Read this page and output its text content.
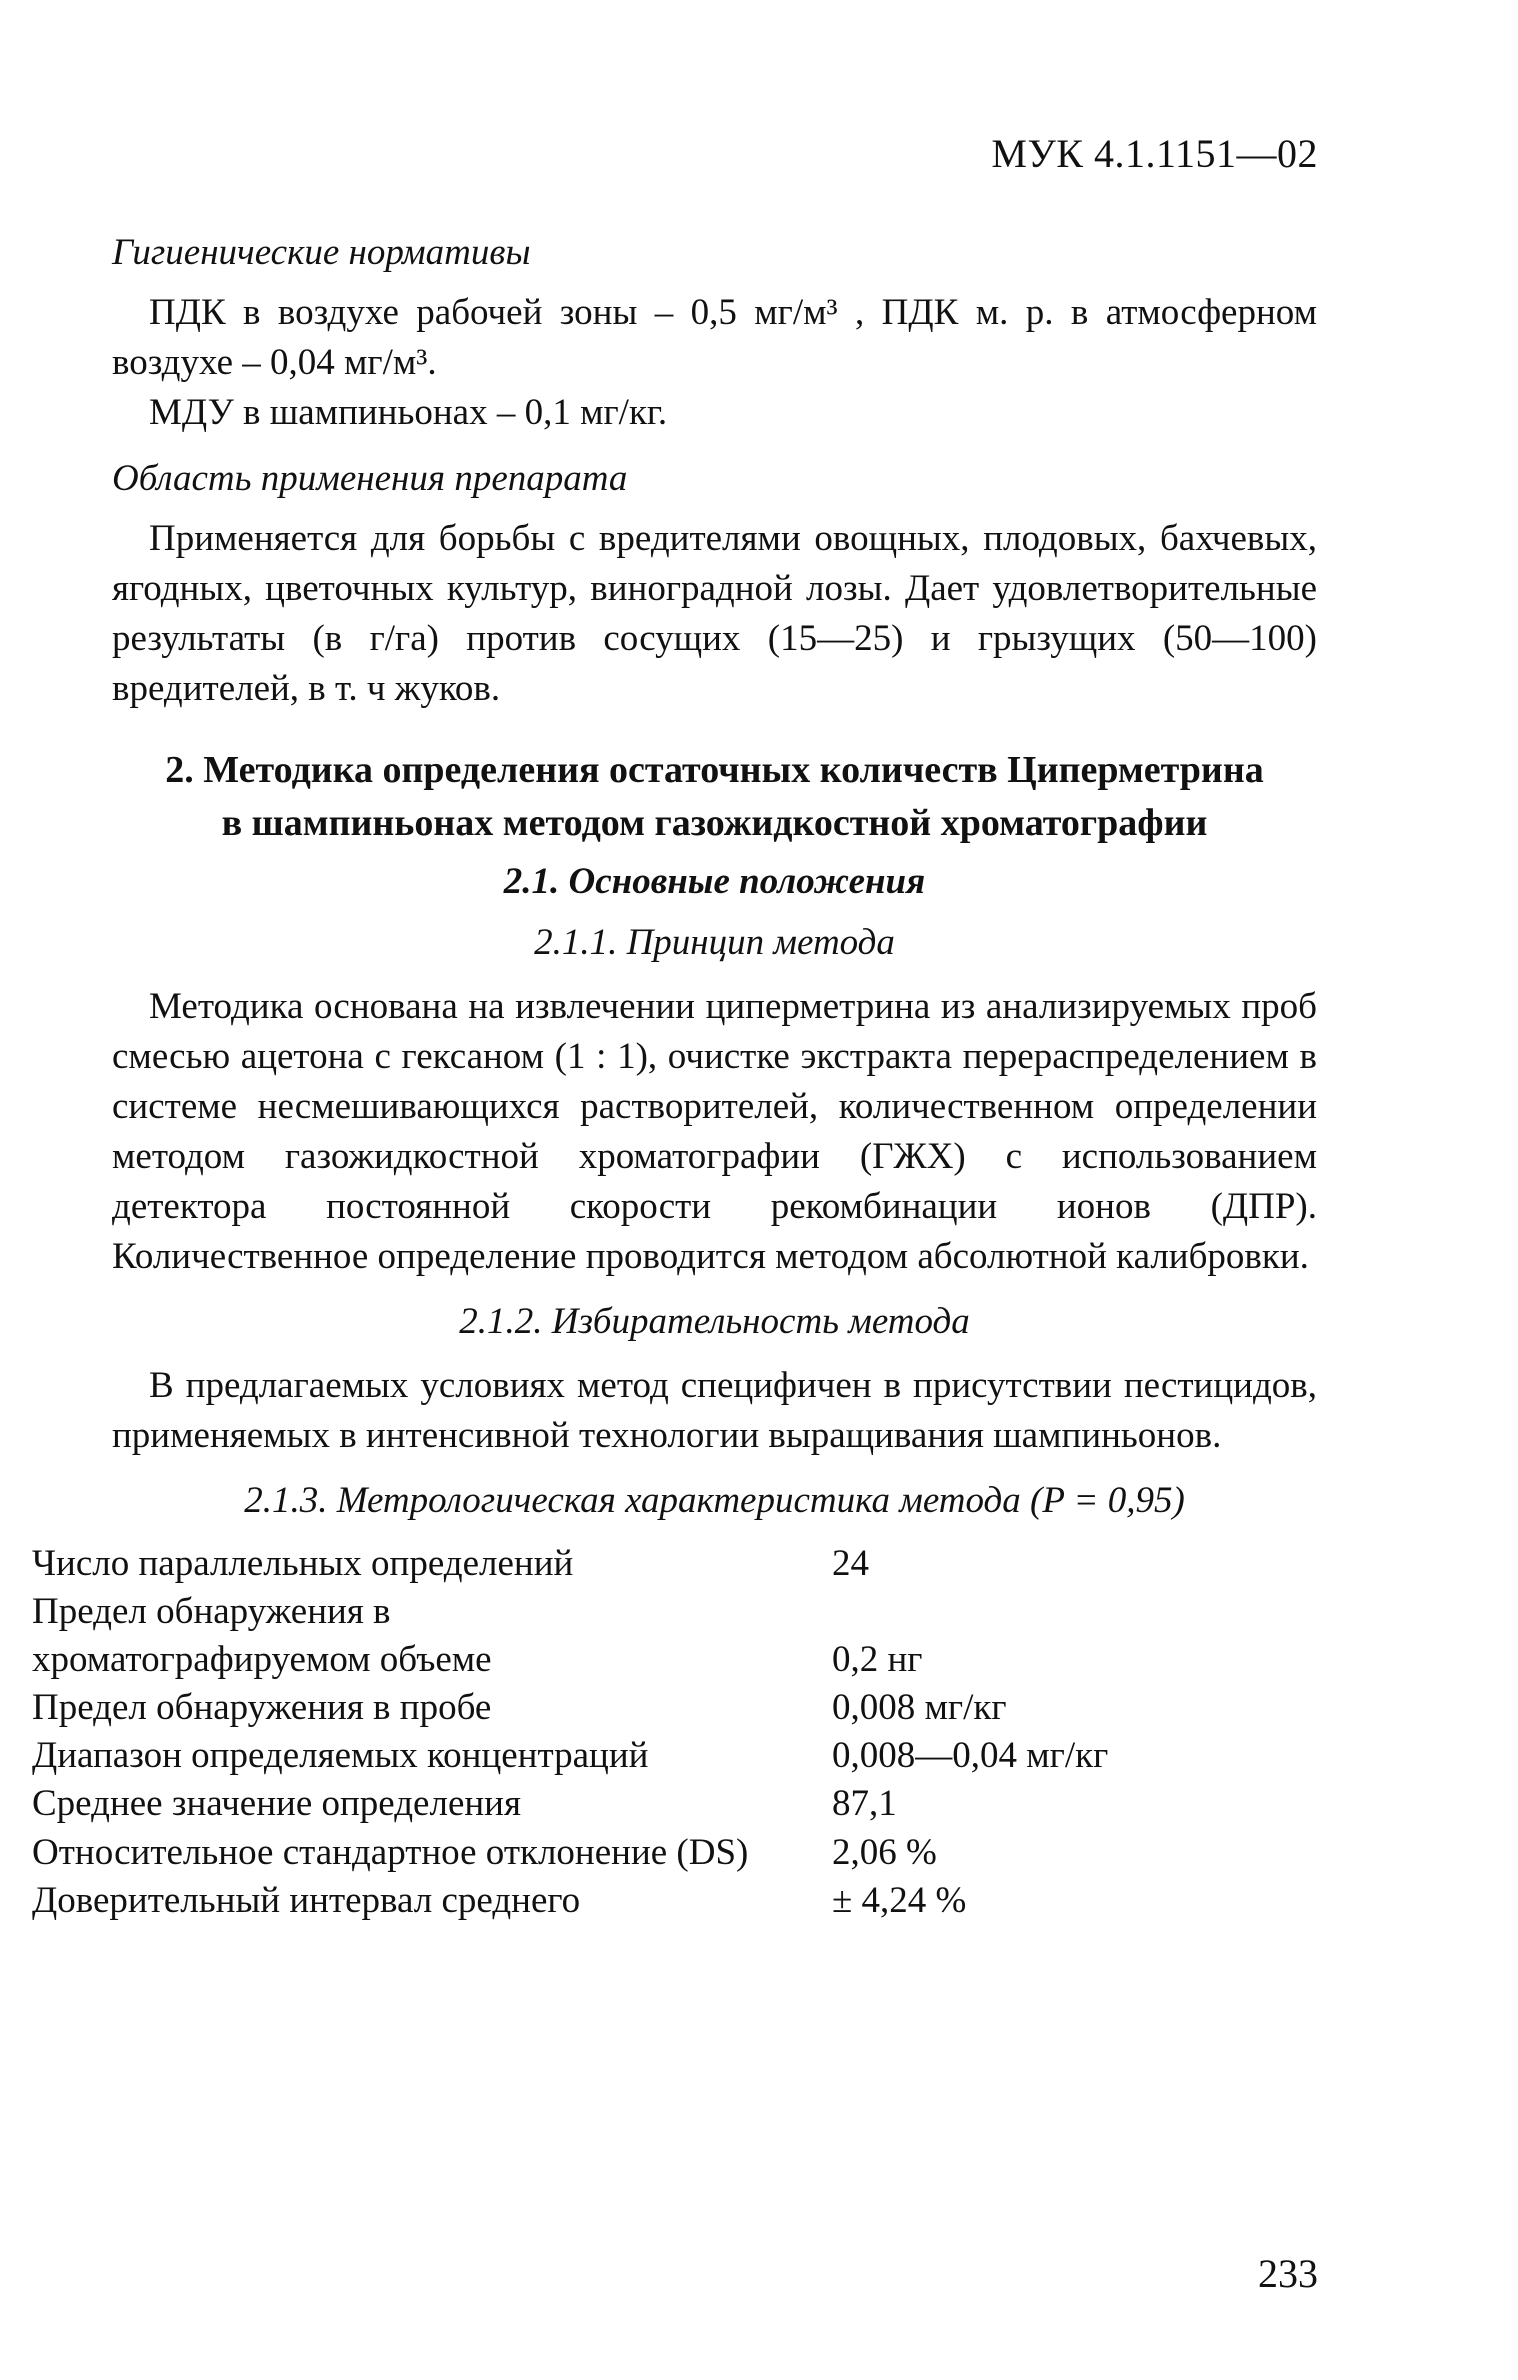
МУК 4.1.1151—02
Гигиенические нормативы

ПДК в воздухе рабочей зоны – 0,5 мг/м³ , ПДК м. р. в атмосферном воздухе – 0,04 мг/м³.

МДУ в шампиньонах – 0,1 мг/кг.

Область применения препарата

Применяется для борьбы с вредителями овощных, плодовых, бахчевых, ягодных, цветочных культур, виноградной лозы. Дает удовлетворительные результаты (в г/га) против сосущих (15—25) и грызущих (50—100) вредителей, в т. ч жуков.

2. Методика определения остаточных количеств Циперметрина
в шампиньонах методом газожидкостной хроматографии
2.1. Основные положения
2.1.1. Принцип метода

Методика основана на извлечении циперметрина из анализируемых проб смесью ацетона с гексаном (1 : 1), очистке экстракта перераспределением в системе несмешивающихся растворителей, количественном определении методом газожидкостной хроматографии (ГЖХ) с использованием детектора постоянной скорости рекомбинации ионов (ДПР). Количественное определение проводится методом абсолютной калибровки.

2.1.2. Избирательность метода

В предлагаемых условиях метод специфичен в присутствии пестицидов, применяемых в интенсивной технологии выращивания шампиньонов.

2.1.3. Метрологическая характеристика метода (P = 0,95)
Число параллельных определений	24
Предел обнаружения в	
хроматографируемом объеме	0,2 нг
Предел обнаружения в пробе	0,008 мг/кг
Диапазон определяемых концентраций	0,008—0,04 мг/кг
Среднее значение определения	87,1
Относительное стандартное отклонение (DS)	2,06 %
Доверительный интервал среднего	± 4,24 %
233
